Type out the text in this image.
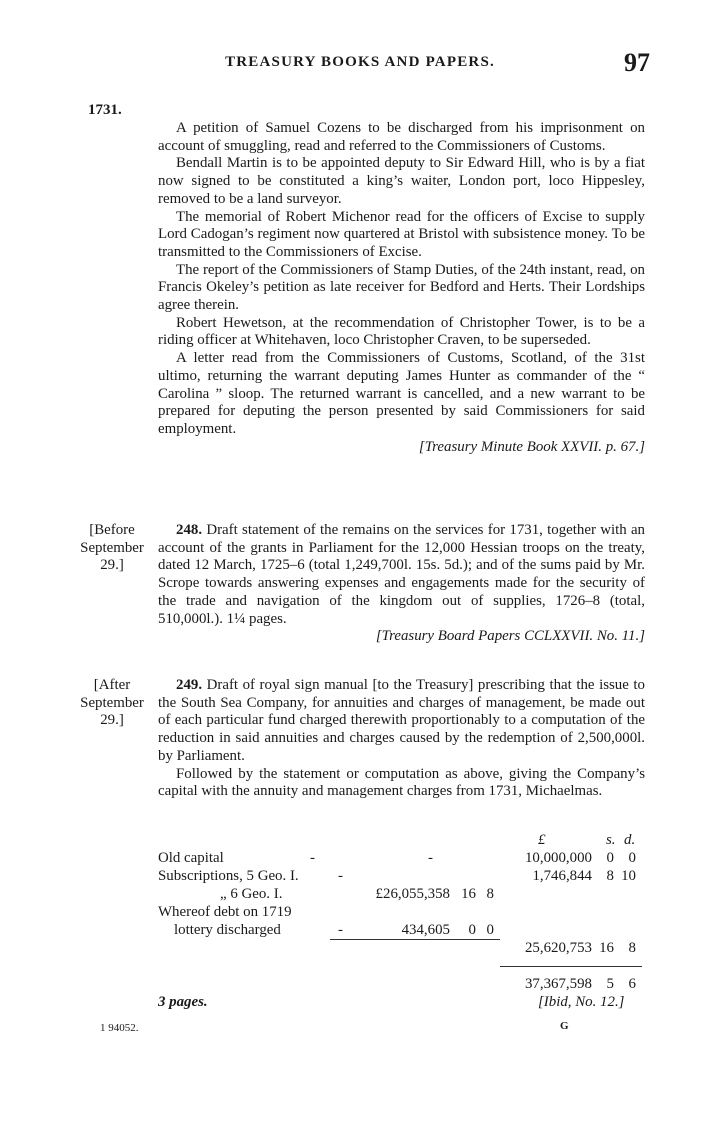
TREASURY BOOKS AND PAPERS.	97
1731.

A petition of Samuel Cozens to be discharged from his imprisonment on account of smuggling, read and referred to the Commissioners of Customs.

Bendall Martin is to be appointed deputy to Sir Edward Hill, who is by a fiat now signed to be constituted a king’s waiter, London port, loco Hippesley, removed to be a land surveyor.

The memorial of Robert Michenor read for the officers of Excise to supply Lord Cadogan’s regiment now quartered at Bristol with subsistence money. To be transmitted to the Commissioners of Excise.

The report of the Commissioners of Stamp Duties, of the 24th instant, read, on Francis Okeley’s petition as late receiver for Bedford and Herts. Their Lordships agree therein.

Robert Hewetson, at the recommendation of Christopher Tower, is to be a riding officer at Whitehaven, loco Christopher Craven, to be superseded.

A letter read from the Commissioners of Customs, Scotland, of the 31st ultimo, returning the warrant deputing James Hunter as commander of the “ Carolina ” sloop. The returned warrant is cancelled, and a new warrant to be prepared for deputing the person presented by said Commissioners for said employment.

[Treasury Minute Book XXVII. p. 67.]

[Before
September
29.]

248. Draft statement of the remains on the services for 1731, together with an account of the grants in Parliament for the 12,000 Hessian troops on the treaty, dated 12 March, 1725–6 (total 1,249,700l. 15s. 5d.); and of the sums paid by Mr. Scrope towards answering expenses and engagements made for the security of the trade and navigation of the kingdom out of supplies, 1726–8 (total, 510,000l.). 1¼ pages.

[Treasury Board Papers CCLXXVII. No. 11.]

[After
September
29.]

249. Draft of royal sign manual [to the Treasury] prescribing that the issue to the South Sea Company, for annuities and charges of management, be made out of each particular fund charged therewith proportionably to a computation of the reduction in said annuities and charges caused by the redemption of 2,500,000l. by Parliament.

Followed by the statement or computation as above, giving the Company’s capital with the annuity and management charges from 1731, Michaelmas.

£	s. d.
Old capital	-	-	10,000,000 0 0
Subscriptions, 5 Geo. I.	-	1,746,844 8 10
„ 6 Geo. I.	£26,055,358 16 8
Whereof debt on 1719
lottery discharged	-	434,605	0 0
25,620,753 16 8
37,367,598 5 6
3 pages.	[Ibid, No. 12.]
1 94052.	G
